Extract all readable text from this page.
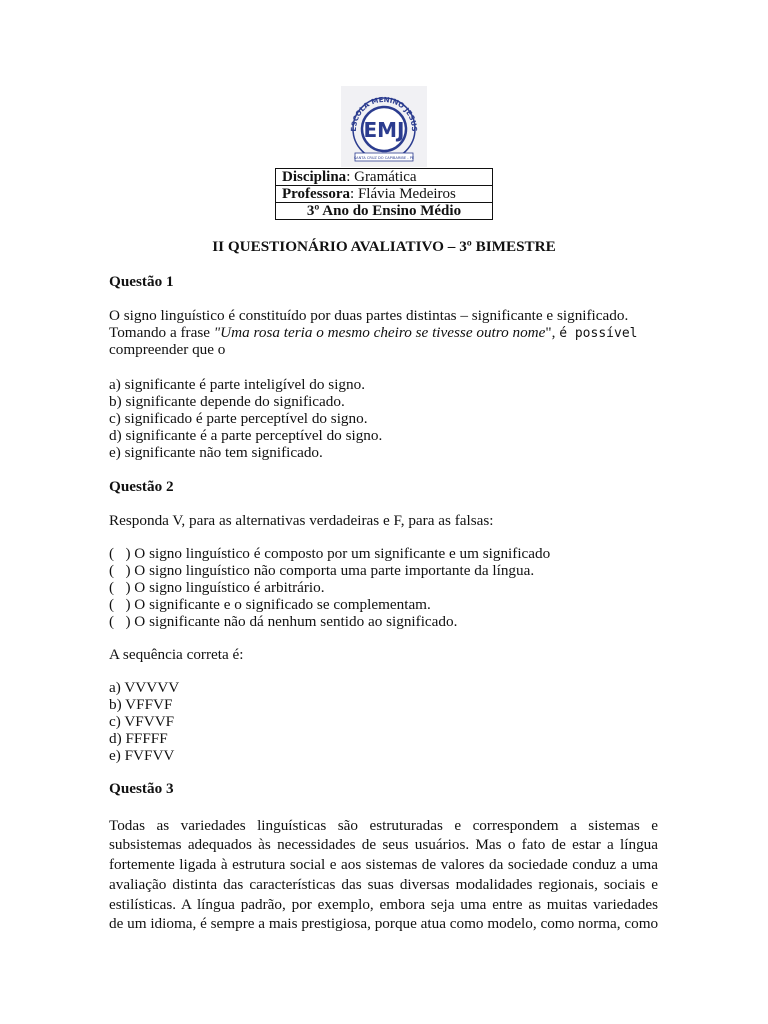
ESCOLA MENINO JESUS
EMJ
SANTA CRUZ DO CAPIBARIBE - PE
Disciplina: Gramática
Professora: Flávia Medeiros
3º Ano do Ensino Médio
II QUESTIONÁRIO AVALIATIVO – 3º BIMESTRE
Questão 1
O signo linguístico é constituído por duas partes distintas – significante e significado.
Tomando a frase "Uma rosa teria o mesmo cheiro se tivesse outro nome", é possível
compreender que o
a) significante é parte inteligível do signo.
b) significante depende do significado.
c) significado é parte perceptível do signo.
d) significante é a parte perceptível do signo.
e) significante não tem significado.
Questão 2
Responda V, para as alternativas verdadeiras e F, para as falsas:
(   ) O signo linguístico é composto por um significante e um significado
(   ) O signo linguístico não comporta uma parte importante da língua.
(   ) O signo linguístico é arbitrário.
(   ) O significante e o significado se complementam.
(   ) O significante não dá nenhum sentido ao significado.
A sequência correta é:
a) VVVVV
b) VFFVF
c) VFVVF
d) FFFFF
e) FVFVV
Questão 3
Todas as variedades linguísticas são estruturadas e correspondem a sistemas e
subsistemas adequados às necessidades de seus usuários. Mas o fato de estar a língua
fortemente ligada à estrutura social e aos sistemas de valores da sociedade conduz a uma
avaliação distinta das características das suas diversas modalidades regionais, sociais e
estilísticas. A língua padrão, por exemplo, embora seja uma entre as muitas variedades
de um idioma, é sempre a mais prestigiosa, porque atua como modelo, como norma, como
